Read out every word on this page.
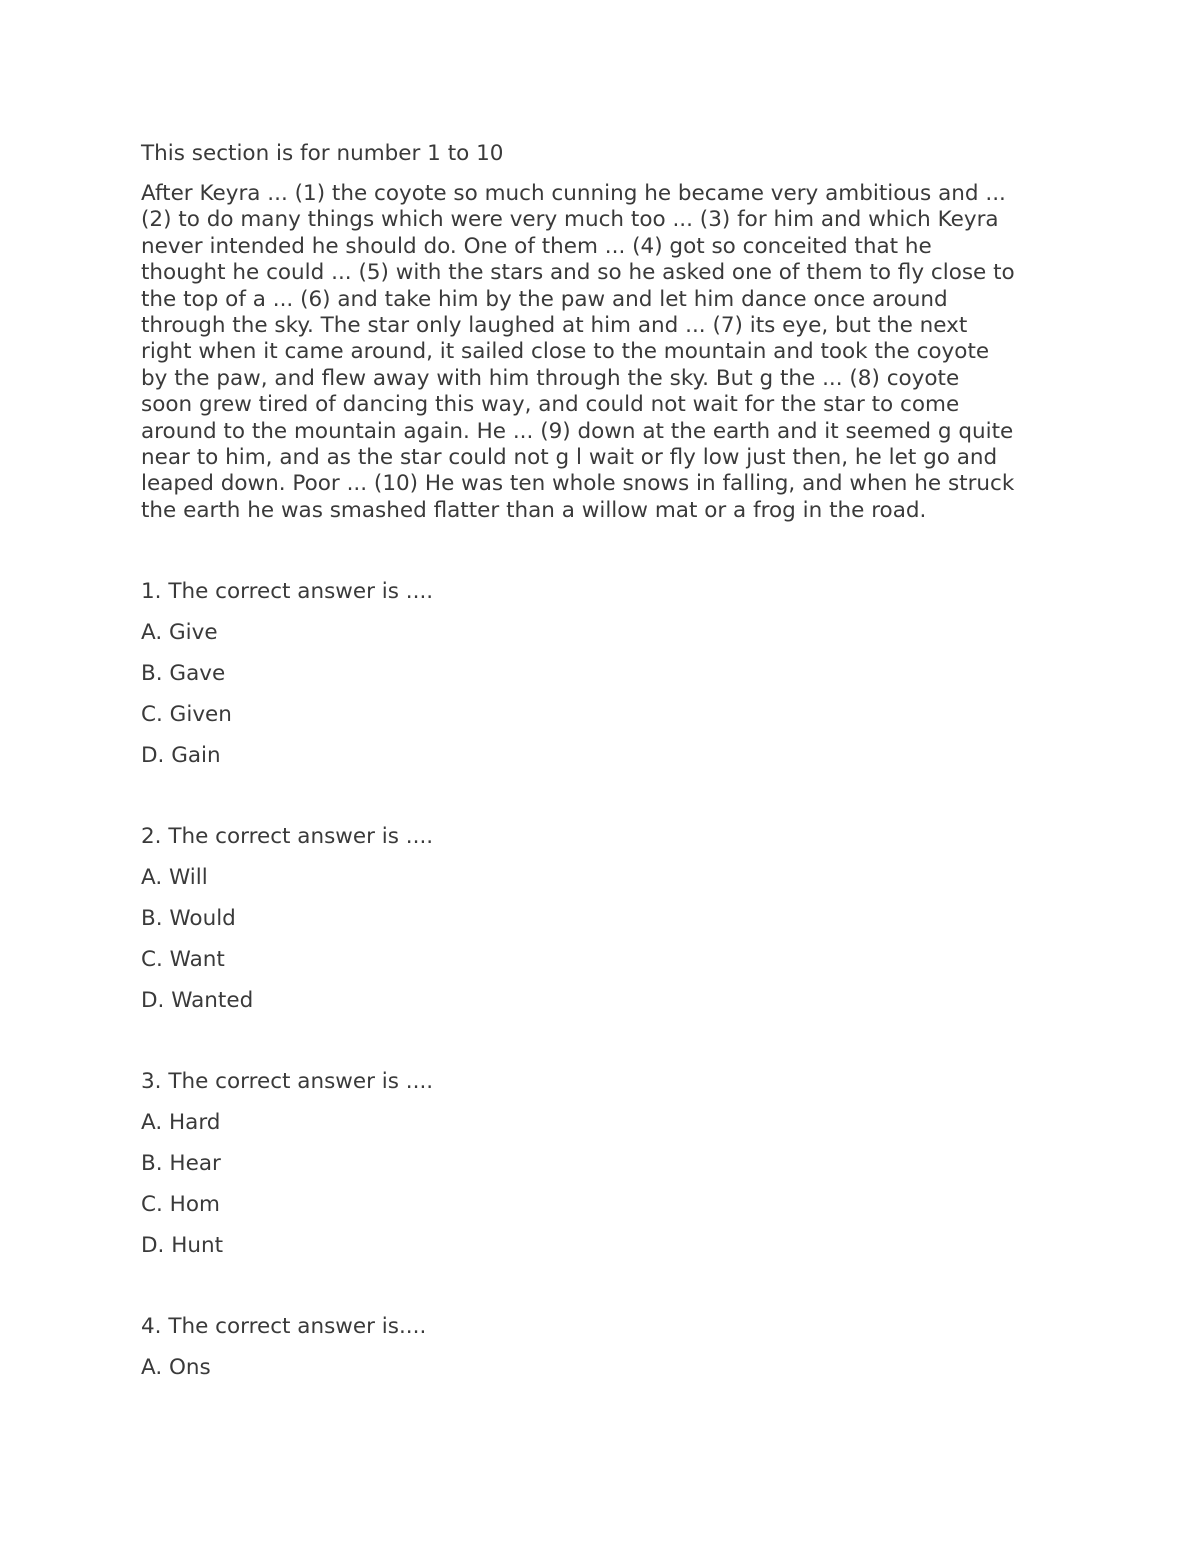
This section is for number 1 to 10

After Keyra ... (1) the coyote so much cunning he became very ambitious and ...
(2) to do many things which were very much too ... (3) for him and which Keyra
never intended he should do. One of them ... (4) got so conceited that he
thought he could ... (5) with the stars and so he asked one of them to fly close to
the top of a ... (6) and take him by the paw and let him dance once around
through the sky. The star only laughed at him and ... (7) its eye, but the next
right when it came around, it sailed close to the mountain and took the coyote
by the paw, and flew away with him through the sky. But g the ... (8) coyote
soon grew tired of dancing this way, and could not wait for the star to come
around to the mountain again. He ... (9) down at the earth and it seemed g quite
near to him, and as the star could not g l wait or fly low just then, he let go and
leaped down. Poor ... (10) He was ten whole snows in falling, and when he struck
the earth he was smashed flatter than a willow mat or a frog in the road.

1. The correct answer is ....

A. Give

B. Gave

C. Given

D. Gain

2. The correct answer is ....

A. Will

B. Would

C. Want

D. Wanted

3. The correct answer is ....

A. Hard

B. Hear

C. Hom

D. Hunt

4. The correct answer is....

A. Ons
